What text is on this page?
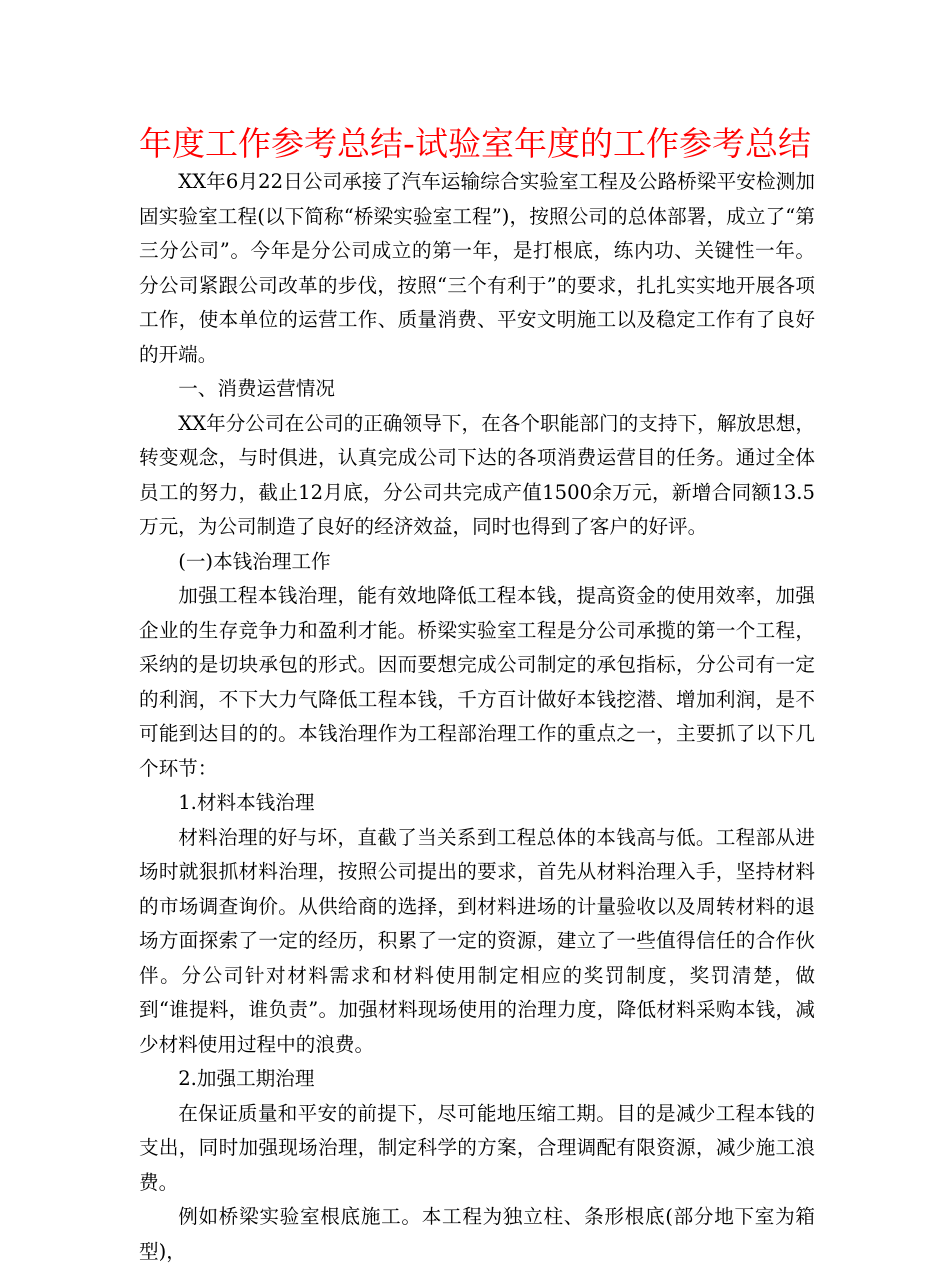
年度工作参考总结-试验室年度的工作参考总结

XX年6月22日公司承接了汽车运输综合实验室工程及公路桥梁平安检测加固实验室工程(以下简称“桥梁实验室工程”)，按照公司的总体部署，成立了“第三分公司”。今年是分公司成立的第一年，是打根底，练内功、关键性一年。分公司紧跟公司改革的步伐，按照“三个有利于”的要求，扎扎实实地开展各项工作，使本单位的运营工作、质量消费、平安文明施工以及稳定工作有了良好的开端。

一、消费运营情况

XX年分公司在公司的正确领导下，在各个职能部门的支持下，解放思想，转变观念，与时俱进，认真完成公司下达的各项消费运营目的任务。通过全体员工的努力，截止12月底，分公司共完成产值1500余万元，新增合同额13.5万元，为公司制造了良好的经济效益，同时也得到了客户的好评。

(一)本钱治理工作

加强工程本钱治理，能有效地降低工程本钱，提高资金的使用效率，加强企业的生存竞争力和盈利才能。桥梁实验室工程是分公司承揽的第一个工程，采纳的是切块承包的形式。因而要想完成公司制定的承包指标，分公司有一定的利润，不下大力气降低工程本钱，千方百计做好本钱挖潜、增加利润，是不可能到达目的的。本钱治理作为工程部治理工作的重点之一，主要抓了以下几个环节：

1.材料本钱治理

材料治理的好与坏，直截了当关系到工程总体的本钱高与低。工程部从进场时就狠抓材料治理，按照公司提出的要求，首先从材料治理入手，坚持材料的市场调查询价。从供给商的选择，到材料进场的计量验收以及周转材料的退场方面探索了一定的经历，积累了一定的资源，建立了一些值得信任的合作伙伴。分公司针对材料需求和材料使用制定相应的奖罚制度，奖罚清楚，做到“谁提料，谁负责”。加强材料现场使用的治理力度，降低材料采购本钱，减少材料使用过程中的浪费。

2.加强工期治理

在保证质量和平安的前提下，尽可能地压缩工期。目的是减少工程本钱的支出，同时加强现场治理，制定科学的方案，合理调配有限资源，减少施工浪费。

例如桥梁实验室根底施工。本工程为独立柱、条形根底(部分地下室为箱型)，
